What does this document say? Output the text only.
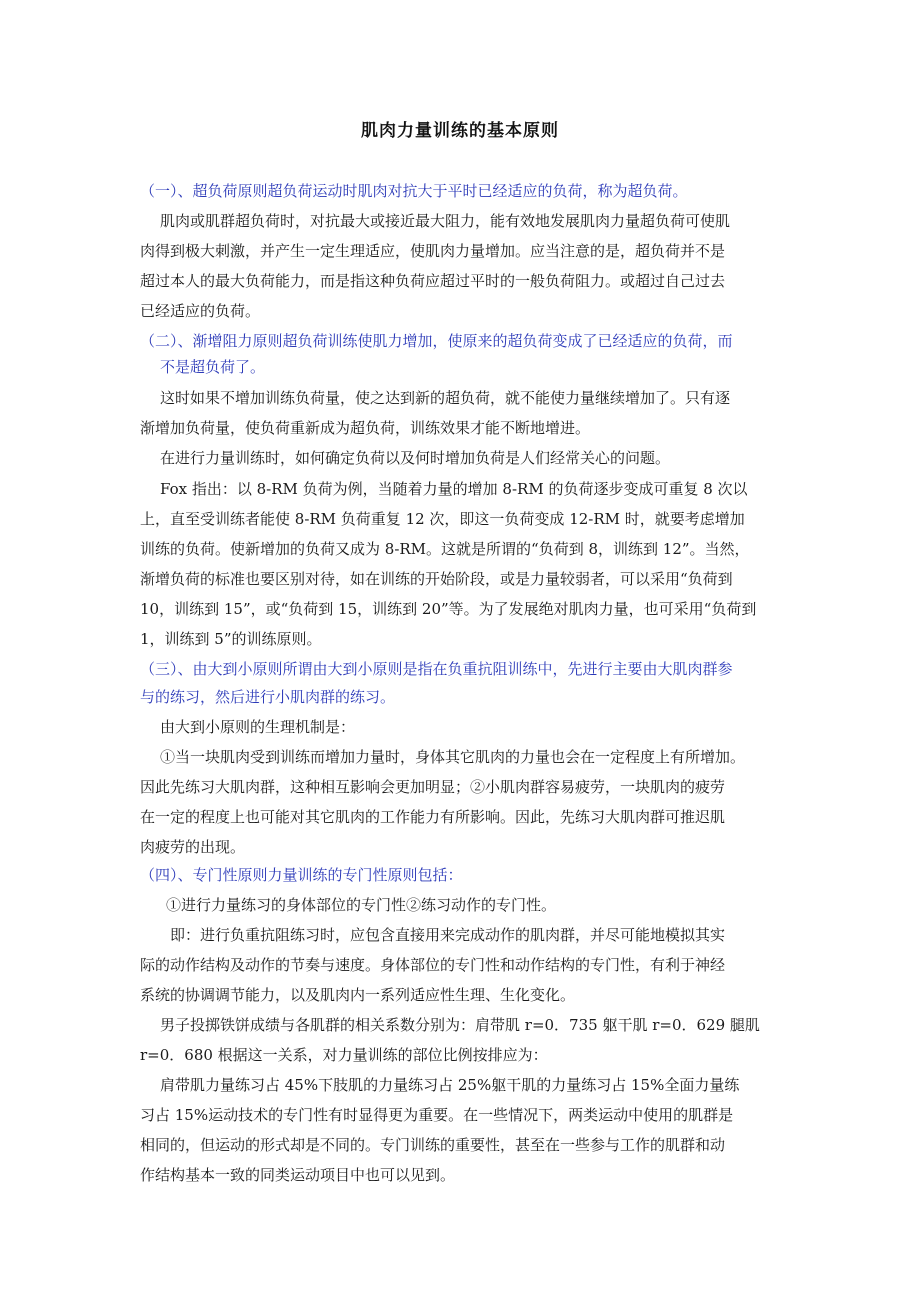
肌肉力量训练的基本原则
（一）、超负荷原则超负荷运动时肌肉对抗大于平时已经适应的负荷，称为超负荷。
肌肉或肌群超负荷时，对抗最大或接近最大阻力，能有效地发展肌肉力量超负荷可使肌
肉得到极大刺激，并产生一定生理适应，使肌肉力量增加。应当注意的是，超负荷并不是
超过本人的最大负荷能力，而是指这种负荷应超过平时的一般负荷阻力。或超过自己过去
已经适应的负荷。
（二）、渐增阻力原则超负荷训练使肌力增加，使原来的超负荷变成了已经适应的负荷，而
不是超负荷了。
这时如果不增加训练负荷量，使之达到新的超负荷，就不能使力量继续增加了。只有逐
渐增加负荷量，使负荷重新成为超负荷，训练效果才能不断地增进。
在进行力量训练时，如何确定负荷以及何时增加负荷是人们经常关心的问题。
Fox 指出：以 8-RM 负荷为例，当随着力量的增加 8-RM 的负荷逐步变成可重复 8 次以
上，直至受训练者能使 8-RM 负荷重复 12 次，即这一负荷变成 12-RM 时，就要考虑增加
训练的负荷。使新增加的负荷又成为 8-RM。这就是所谓的“负荷到 8，训练到 12”。当然，
渐增负荷的标准也要区别对待，如在训练的开始阶段，或是力量较弱者，可以采用“负荷到
10，训练到 15”，或“负荷到 15，训练到 20”等。为了发展绝对肌肉力量，也可采用“负荷到
1，训练到 5”的训练原则。
（三）、由大到小原则所谓由大到小原则是指在负重抗阻训练中，先进行主要由大肌肉群参
与的练习，然后进行小肌肉群的练习。
由大到小原则的生理机制是：
①当一块肌肉受到训练而增加力量时，身体其它肌肉的力量也会在一定程度上有所增加。
因此先练习大肌肉群，这种相互影响会更加明显；②小肌肉群容易疲劳，一块肌肉的疲劳
在一定的程度上也可能对其它肌肉的工作能力有所影响。因此，先练习大肌肉群可推迟肌
肉疲劳的出现。
（四）、专门性原则力量训练的专门性原则包括：
①进行力量练习的身体部位的专门性②练习动作的专门性。
即：进行负重抗阻练习时，应包含直接用来完成动作的肌肉群，并尽可能地模拟其实
际的动作结构及动作的节奏与速度。身体部位的专门性和动作结构的专门性，有利于神经
系统的协调调节能力，以及肌肉内一系列适应性生理、生化变化。
男子投掷铁饼成绩与各肌群的相关系数分别为：肩带肌 r=0．735 躯干肌 r=0．629 腿肌
r=0．680 根据这一关系，对力量训练的部位比例按排应为：
肩带肌力量练习占 45%下肢肌的力量练习占 25%躯干肌的力量练习占 15%全面力量练
习占 15%运动技术的专门性有时显得更为重要。在一些情况下，两类运动中使用的肌群是
相同的，但运动的形式却是不同的。专门训练的重要性，甚至在一些参与工作的肌群和动
作结构基本一致的同类运动项目中也可以见到。
